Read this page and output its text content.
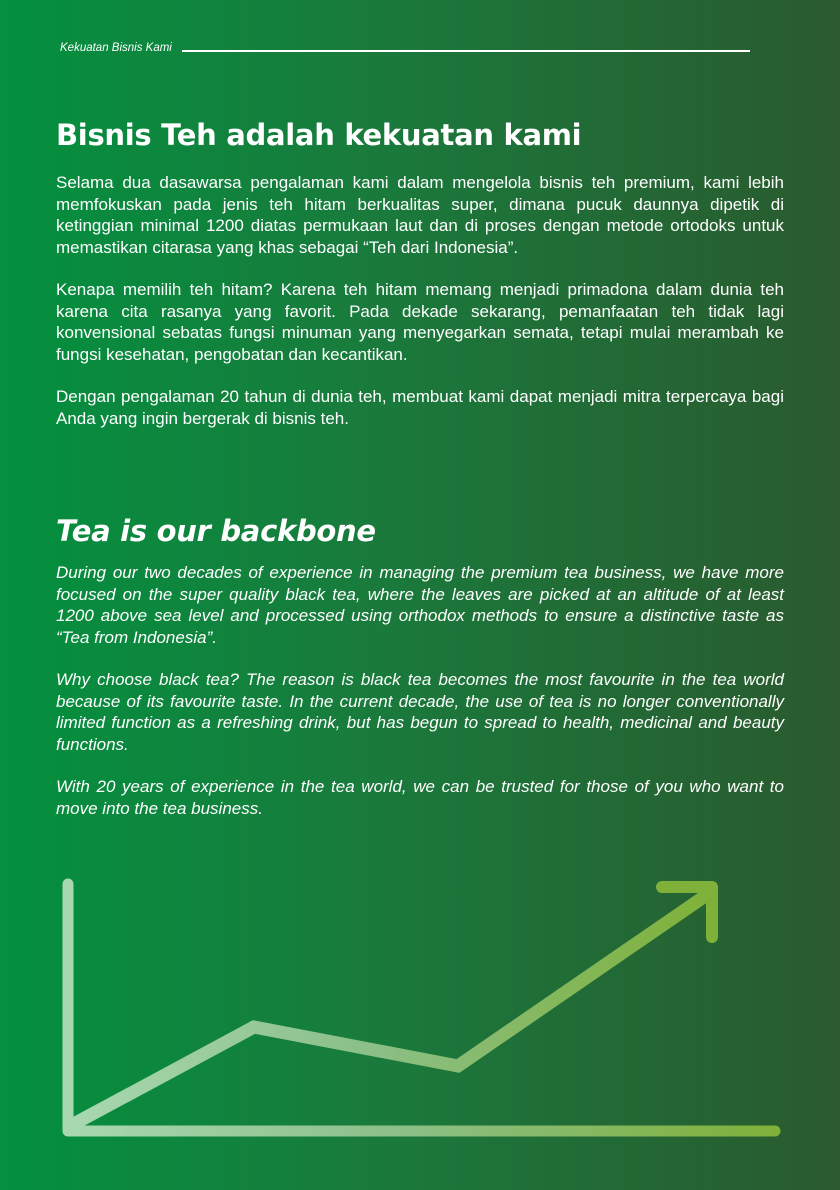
Kekuatan Bisnis Kami
Bisnis Teh adalah kekuatan kami

Selama dua dasawarsa pengalaman kami dalam mengelola bisnis teh premium, kami lebih memfokuskan pada jenis teh hitam berkualitas super, dimana pucuk daunnya dipetik di ketinggian minimal 1200 diatas permukaan laut dan di proses dengan metode ortodoks untuk memastikan citarasa yang khas sebagai “Teh dari Indonesia”.

Kenapa memilih teh hitam? Karena teh hitam memang menjadi primadona dalam dunia teh karena cita rasanya yang favorit. Pada dekade sekarang, pemanfaatan teh tidak lagi konvensional sebatas fungsi minuman yang menyegarkan semata, tetapi mulai merambah ke fungsi kesehatan, pengobatan dan kecantikan.

Dengan pengalaman 20 tahun di dunia teh, membuat kami dapat menjadi mitra terpercaya bagi Anda yang ingin bergerak di bisnis teh.

Tea is our backbone

During our two decades of experience in managing the premium tea business, we have more focused on the super quality black tea, where the leaves are picked at an altitude of at least 1200 above sea level and processed using orthodox methods to ensure a distinctive taste as “Tea from Indonesia”.

Why choose black tea? The reason is black tea becomes the most favourite in the tea world because of its favourite taste. In the current decade, the use of tea is no longer conventionally limited function as a refreshing drink, but has begun to spread to health, medicinal and beauty functions.

With 20 years of experience in the tea world, we can be trusted for those of you who want to move into the tea business.
